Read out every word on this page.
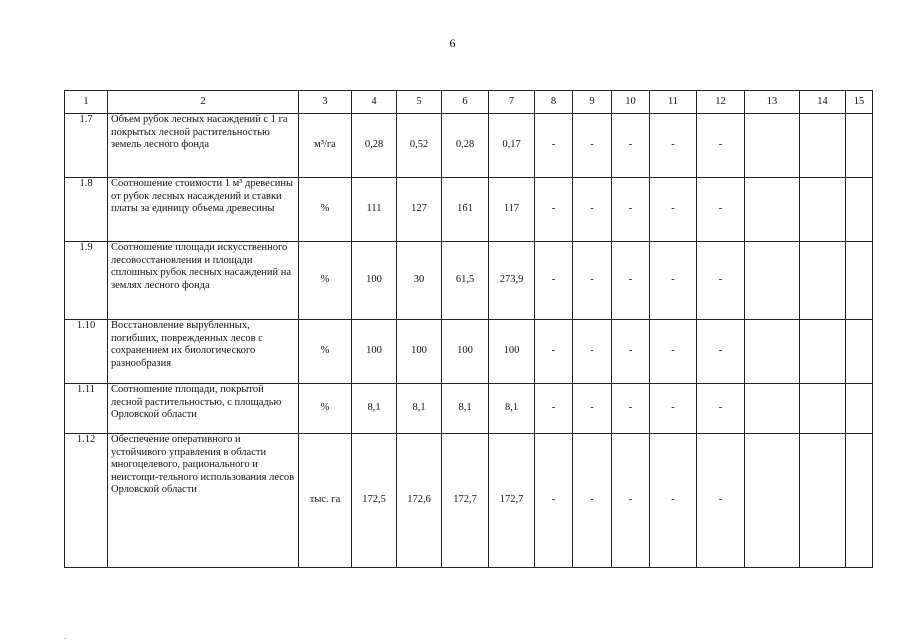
6
1	2	3	4	5	6	7	8	9	10	11	12	13	14	15
1.7	Объем рубок лесных насаждений с 1 га покрытых лесной растительностью земель лесного фонда	м³/га	0,28	0,52	0,28	0,17	-	-	-	-	-			
1.8	Соотношение стоимости 1 м³ древесины от рубок лесных насаждений и ставки платы за единицу объема древесины	%	111	127	161	117	-	-	-	-	-			
1.9	Соотношение площади искусственного лесовосстановления и площади сплошных рубок лесных насаждений на землях лесного фонда	%	100	30	61,5	273,9	-	-	-	-	-			
1.10	Восстановление вырубленных, погибших, поврежденных лесов с сохранением их биологического разнообразия	%	100	100	100	100	-	-	-	-	-			
1.11	Соотношение площади, покрытой лесной растительностью, с площадью Орловской области	%	8,1	8,1	8,1	8,1	-	-	-	-	-			
1.12	Обеспечение оперативного и устойчивого управления в области многоцелевого, рационального и неистощи-тельного использования лесов Орловской области	тыс. га	172,5	172,6	172,7	172,7	-	-	-	-	-			
.
